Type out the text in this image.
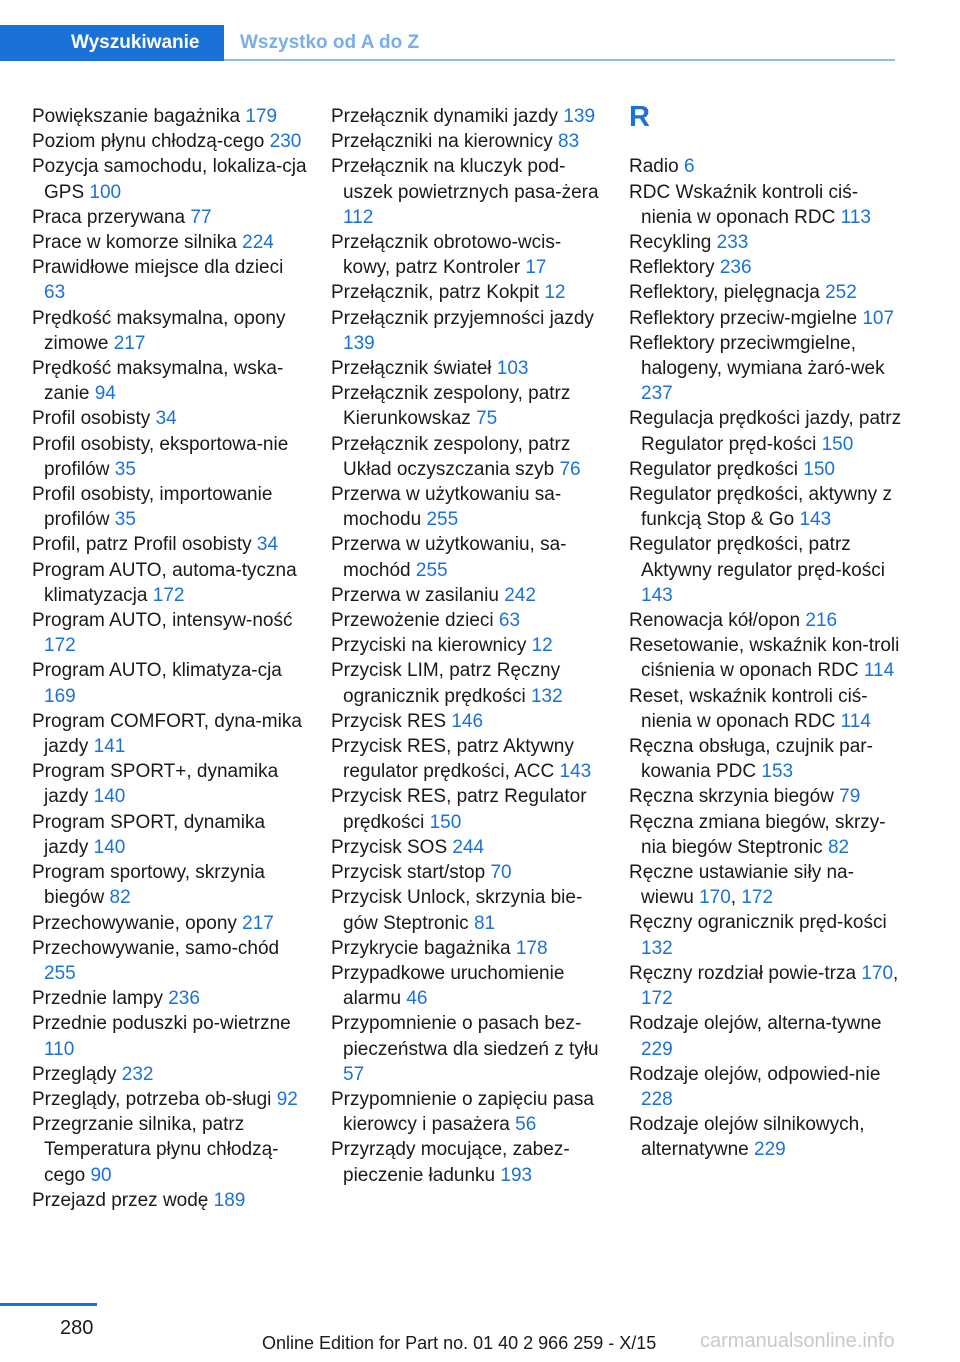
Wyszukiwanie	Wszystko od A do Z
Powiększanie bagażnika 179
Poziom płynu chłodzą-cego 230
Pozycja samochodu, lokaliza-cja GPS 100
Praca przerywana 77
Prace w komorze silnika 224
Prawidłowe miejsce dla dzieci 63
Prędkość maksymalna, opony zimowe 217
Prędkość maksymalna, wska-zanie 94
Profil osobisty 34
Profil osobisty, eksportowa-nie profilów 35
Profil osobisty, importowanie profilów 35
Profil, patrz Profil osobisty 34
Program AUTO, automa-tyczna klimatyzacja 172
Program AUTO, intensyw-ność 172
Program AUTO, klimatyza-cja 169
Program COMFORT, dyna-mika jazdy 141
Program SPORT+, dynamika jazdy 140
Program SPORT, dynamika jazdy 140
Program sportowy, skrzynia biegów 82
Przechowywanie, opony 217
Przechowywanie, samo-chód 255
Przednie lampy 236
Przednie poduszki po-wietrzne 110
Przeglądy 232
Przeglądy, potrzeba ob-sługi 92
Przegrzanie silnika, patrz Temperatura płynu chłodzą-cego 90
Przejazd przez wodę 189
Przełącznik dynamiki jazdy 139
Przełączniki na kierownicy 83
Przełącznik na kluczyk pod-uszek powietrznych pasa-żera 112
Przełącznik obrotowo-wcis-kowy, patrz Kontroler 17
Przełącznik, patrz Kokpit 12
Przełącznik przyjemności jazdy 139
Przełącznik świateł 103
Przełącznik zespolony, patrz Kierunkowskaz 75
Przełącznik zespolony, patrz Układ oczyszczania szyb 76
Przerwa w użytkowaniu sa-mochodu 255
Przerwa w użytkowaniu, sa-mochód 255
Przerwa w zasilaniu 242
Przewożenie dzieci 63
Przyciski na kierownicy 12
Przycisk LIM, patrz Ręczny ogranicznik prędkości 132
Przycisk RES 146
Przycisk RES, patrz Aktywny regulator prędkości, ACC 143
Przycisk RES, patrz Regulator prędkości 150
Przycisk SOS 244
Przycisk start/stop 70
Przycisk Unlock, skrzynia bie-gów Steptronic 81
Przykrycie bagażnika 178
Przypadkowe uruchomienie alarmu 46
Przypomnienie o pasach bez-pieczeństwa dla siedzeń z tyłu 57
Przypomnienie o zapięciu pasa kierowcy i pasażera 56
Przyrządy mocujące, zabez-pieczenie ładunku 193
R
Radio 6
RDC Wskaźnik kontroli ciś-nienia w oponach RDC 113
Recykling 233
Reflektory 236
Reflektory, pielęgnacja 252
Reflektory przeciw-mgielne 107
Reflektory przeciwmgielne, halogeny, wymiana żaró-wek 237
Regulacja prędkości jazdy, patrz Regulator pręd-kości 150
Regulator prędkości 150
Regulator prędkości, aktywny z funkcją Stop & Go 143
Regulator prędkości, patrz Aktywny regulator pręd-kości 143
Renowacja kół/opon 216
Resetowanie, wskaźnik kon-troli ciśnienia w oponach RDC 114
Reset, wskaźnik kontroli ciś-nienia w oponach RDC 114
Ręczna obsługa, czujnik par-kowania PDC 153
Ręczna skrzynia biegów 79
Ręczna zmiana biegów, skrzy-nia biegów Steptronic 82
Ręczne ustawianie siły na-wiewu 170, 172
Ręczny ogranicznik pręd-kości 132
Ręczny rozdział powie-trza 170, 172
Rodzaje olejów, alterna-tywne 229
Rodzaje olejów, odpowied-nie 228
Rodzaje olejów silnikowych, alternatywne 229
280
Online Edition for Part no. 01 40 2 966 259 - X/15 carmanualsonline.info
